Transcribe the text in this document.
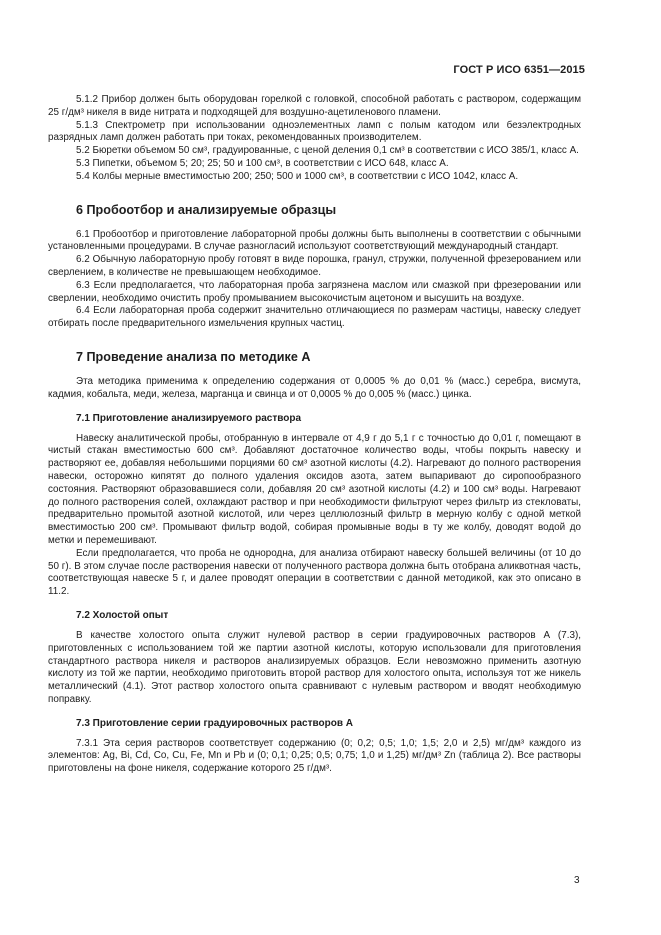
ГОСТ Р ИСО 6351—2015

5.1.2 Прибор должен быть оборудован горелкой с головкой, способной работать с раствором, содержащим 25 г/дм³ никеля в виде нитрата и подходящей для воздушно-ацетиленового пламени.

5.1.3 Спектрометр при использовании одноэлементных ламп с полым катодом или безэлектродных разрядных ламп должен работать при токах, рекомендованных производителем.

5.2 Бюретки объемом 50 см³, градуированные, с ценой деления 0,1 см³ в соответствии с ИСО 385/1, класс А.

5.3 Пипетки, объемом 5; 20; 25; 50 и 100 см³, в соответствии с ИСО 648, класс А.

5.4 Колбы мерные вместимостью 200; 250; 500 и 1000 см³, в соответствии с ИСО 1042, класс А.

6 Пробоотбор и анализируемые образцы

6.1 Пробоотбор и приготовление лабораторной пробы должны быть выполнены в соответствии с обычными установленными процедурами. В случае разногласий используют соответствующий международный стандарт.

6.2 Обычную лабораторную пробу готовят в виде порошка, гранул, стружки, полученной фрезерованием или сверлением, в количестве не превышающем необходимое.

6.3 Если предполагается, что лабораторная проба загрязнена маслом или смазкой при фрезеровании или сверлении, необходимо очистить пробу промыванием высокочистым ацетоном и высушить на воздухе.

6.4 Если лабораторная проба содержит значительно отличающиеся по размерам частицы, навеску следует отбирать после предварительного измельчения крупных частиц.

7 Проведение анализа по методике А

Эта методика применима к определению содержания от 0,0005 % до 0,01 % (масс.) серебра, висмута, кадмия, кобальта, меди, железа, марганца и свинца и от 0,0005 % до 0,005 % (масс.) цинка.

7.1 Приготовление анализируемого раствора

Навеску аналитической пробы, отобранную в интервале от 4,9 г до 5,1 г с точностью до 0,01 г, помещают в чистый стакан вместимостью 600 см³. Добавляют достаточное количество воды, чтобы покрыть навеску и растворяют ее, добавляя небольшими порциями 60 см³ азотной кислоты (4.2). Нагревают до полного растворения навески, осторожно кипятят до полного удаления оксидов азота, затем выпаривают до сиропообразного состояния. Растворяют образовавшиеся соли, добавляя 20 см³ азотной кислоты (4.2) и 100 см³ воды. Нагревают до полного растворения солей, охлаждают раствор и при необходимости фильтруют через фильтр из стекловаты, предварительно промытой азотной кислотой, или через целлюлозный фильтр в мерную колбу с одной меткой вместимостью 200 см³. Промывают фильтр водой, собирая промывные воды в ту же колбу, доводят водой до метки и перемешивают.

Если предполагается, что проба не однородна, для анализа отбирают навеску большей величины (от 10 до 50 г). В этом случае после растворения навески от полученного раствора должна быть отобрана аликвотная часть, соответствующая навеске 5 г, и далее проводят операции в соответствии с данной методикой, как это описано в 11.2.

7.2 Холостой опыт

В качестве холостого опыта служит нулевой раствор в серии градуировочных растворов А (7.3), приготовленных с использованием той же партии азотной кислоты, которую использовали для приготовления стандартного раствора никеля и растворов анализируемых образцов. Если невозможно применить азотную кислоту из той же партии, необходимо приготовить второй раствор для холостого опыта, используя тот же никель металлический (4.1). Этот раствор холостого опыта сравнивают с нулевым раствором и вводят необходимую поправку.

7.3 Приготовление серии градуировочных растворов А

7.3.1 Эта серия растворов соответствует содержанию (0; 0,2; 0,5; 1,0; 1,5; 2,0 и 2,5) мг/дм³ каждого из элементов: Ag, Bi, Cd, Co, Cu, Fe, Mn и Pb и (0; 0,1; 0,25; 0,5; 0,75; 1,0 и 1,25) мг/дм³ Zn (таблица 2). Все растворы приготовлены на фоне никеля, содержание которого 25 г/дм³.

3
